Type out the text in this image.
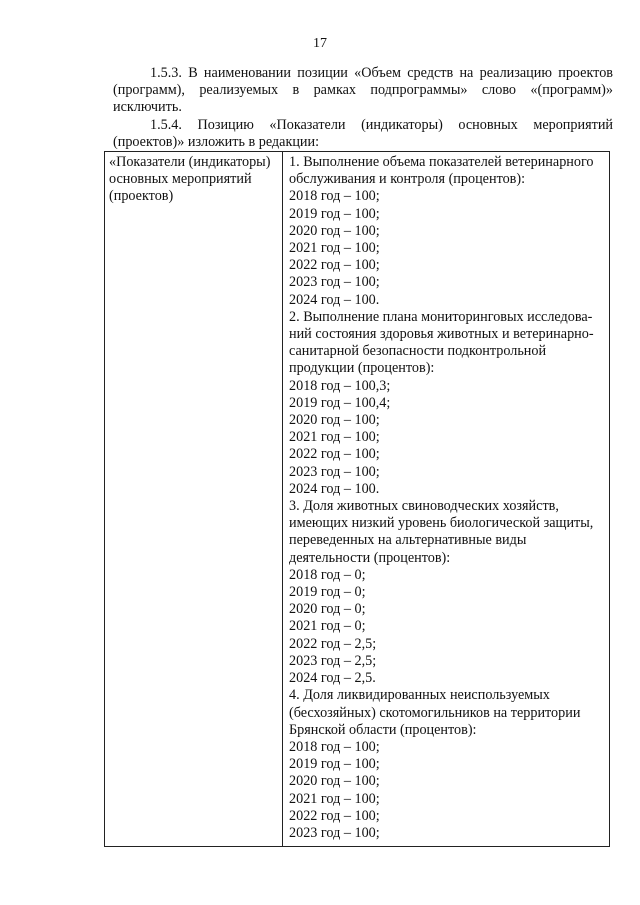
17
1.5.3. В наименовании позиции «Объем средств на реализацию проектов (программ), реализуемых в рамках подпрограммы» слово «(программ)» исключить.
1.5.4. Позицию «Показатели (индикаторы) основных мероприятий (проектов)» изложить в редакции:
«Показатели (индикаторы) основных мероприятий (проектов)
1. Выполнение объема показателей ветеринарного
обслуживания и контроля (процентов):
2018 год – 100;
2019 год – 100;
2020 год – 100;
2021 год – 100;
2022 год – 100;
2023 год – 100;
2024 год – 100.
2. Выполнение плана мониторинговых исследова-
ний состояния здоровья животных и ветеринарно-
санитарной безопасности подконтрольной
продукции (процентов):
2018 год – 100,3;
2019 год – 100,4;
2020 год – 100;
2021 год – 100;
2022 год – 100;
2023 год – 100;
2024 год – 100.
3. Доля животных свиноводческих хозяйств,
имеющих низкий уровень биологической защиты,
переведенных на альтернативные виды
деятельности (процентов):
2018 год – 0;
2019 год – 0;
2020 год – 0;
2021 год – 0;
2022 год – 2,5;
2023 год – 2,5;
2024 год – 2,5.
4. Доля ликвидированных неиспользуемых
(бесхозяйных) скотомогильников на территории
Брянской области (процентов):
2018 год – 100;
2019 год – 100;
2020 год – 100;
2021 год – 100;
2022 год – 100;
2023 год – 100;
